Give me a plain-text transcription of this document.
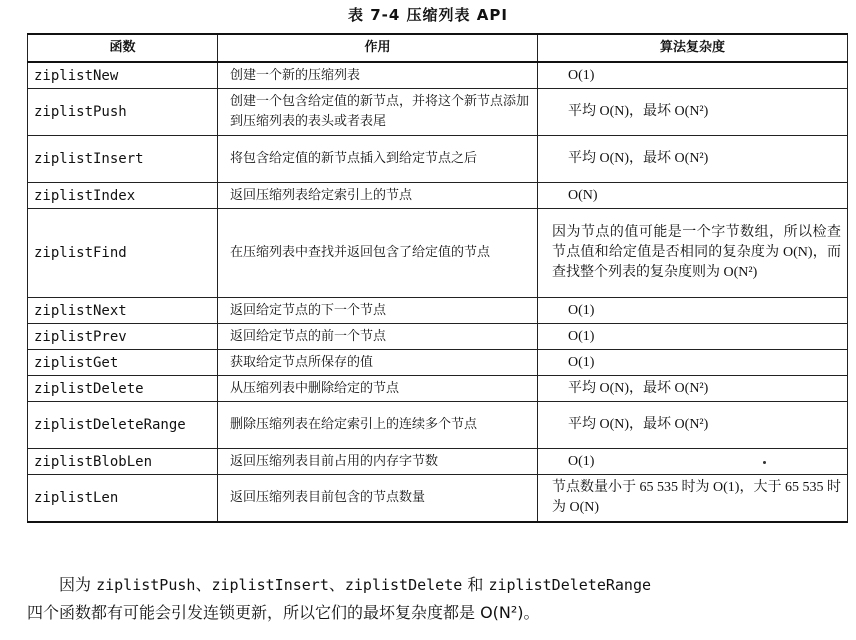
表 7-4 压缩列表 API
函数	作用	算法复杂度
ziplistNew	创建一个新的压缩列表	O(1)
ziplistPush	创建一个包含给定值的新节点，并将这个新节点添加到压缩列表的表头或者表尾	平均 O(N)，最坏 O(N²)
ziplistInsert	将包含给定值的新节点插入到给定节点之后	平均 O(N)，最坏 O(N²)
ziplistIndex	返回压缩列表给定索引上的节点	O(N)
ziplistFind	在压缩列表中查找并返回包含了给定值的节点	因为节点的值可能是一个字节数组，所以检查节点值和给定值是否相同的复杂度为 O(N)，而查找整个列表的复杂度则为 O(N²)
ziplistNext	返回给定节点的下一个节点	O(1)
ziplistPrev	返回给定节点的前一个节点	O(1)
ziplistGet	获取给定节点所保存的值	O(1)
ziplistDelete	从压缩列表中删除给定的节点	平均 O(N)，最坏 O(N²)
ziplistDeleteRange	删除压缩列表在给定索引上的连续多个节点	平均 O(N)，最坏 O(N²)
ziplistBlobLen	返回压缩列表目前占用的内存字节数	O(1)
ziplistLen	返回压缩列表目前包含的节点数量	节点数量小于 65 535 时为 O(1)，大于 65 535 时为 O(N)
因为 ziplistPush、ziplistInsert、ziplistDelete 和 ziplistDeleteRange
四个函数都有可能会引发连锁更新，所以它们的最坏复杂度都是 O(N²)。
